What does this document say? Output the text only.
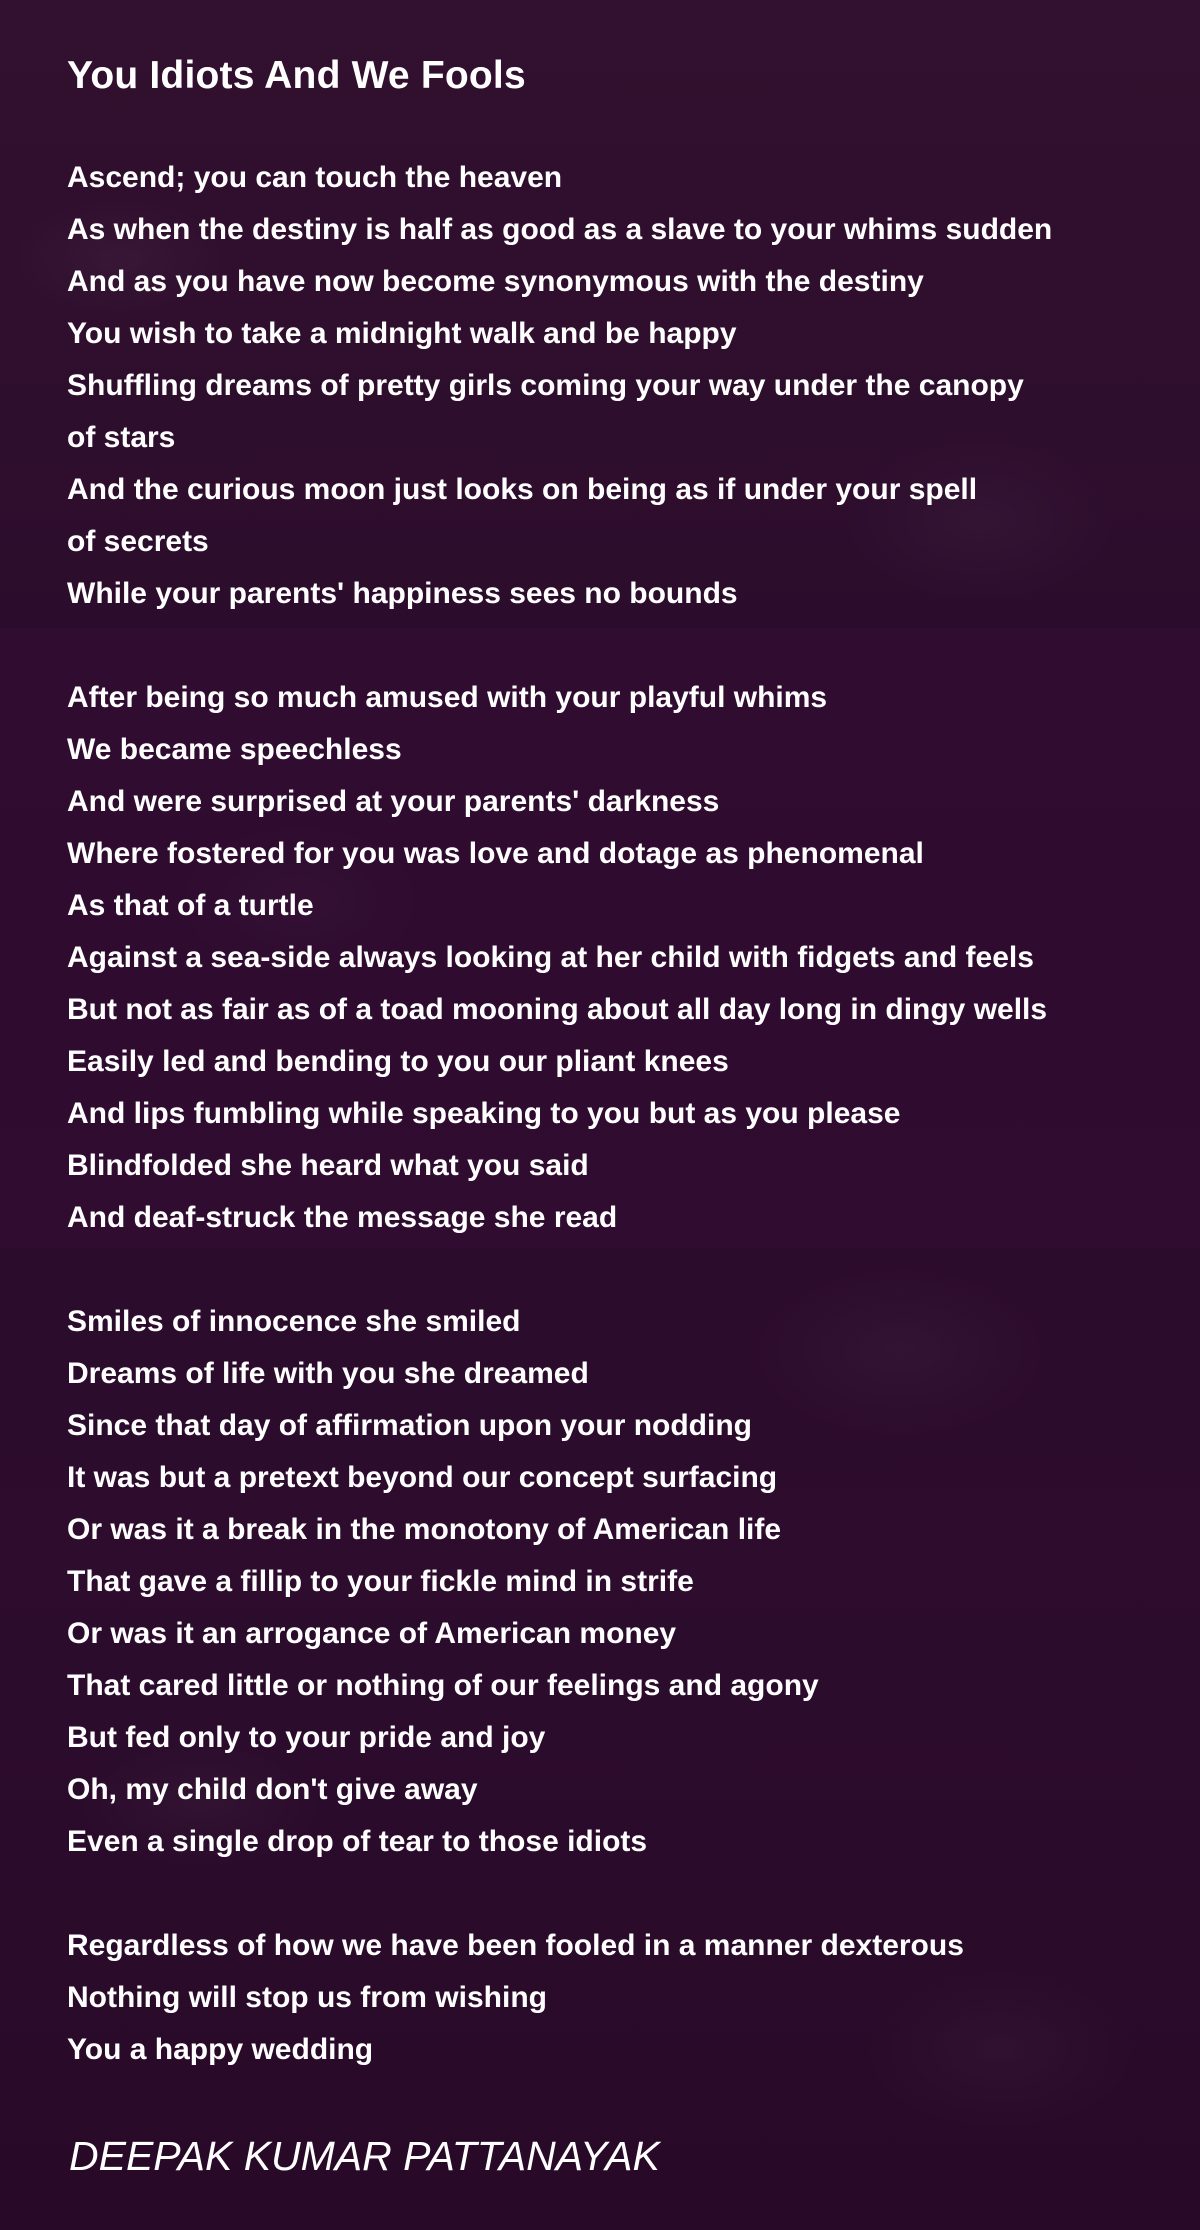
You Idiots And We Fools
Ascend; you can touch the heaven
As when the destiny is half as good as a slave to your whims sudden
And as you have now become synonymous with the destiny
You wish to take a midnight walk and be happy
Shuffling dreams of pretty girls coming your way under the canopy
of stars
And the curious moon just looks on being as if under your spell
of secrets
While your parents' happiness sees no bounds
After being so much amused with your playful whims
We became speechless
And were surprised at your parents' darkness
Where fostered for you was love and dotage as phenomenal
As that of a turtle
Against a sea-side always looking at her child with fidgets and feels
But not as fair as of a toad mooning about all day long in dingy wells
Easily led and bending to you our pliant knees
And lips fumbling while speaking to you but as you please
Blindfolded she heard what you said
And deaf-struck the message she read
Smiles of innocence she smiled
Dreams of life with you she dreamed
Since that day of affirmation upon your nodding
It was but a pretext beyond our concept surfacing
Or was it a break in the monotony of American life
That gave a fillip to your fickle mind in strife
Or was it an arrogance of American money
That cared little or nothing of our feelings and agony
But fed only to your pride and joy
Oh, my child don't give away
Even a single drop of tear to those idiots
Regardless of how we have been fooled in a manner dexterous
Nothing will stop us from wishing
You a happy wedding
DEEPAK KUMAR PATTANAYAK
